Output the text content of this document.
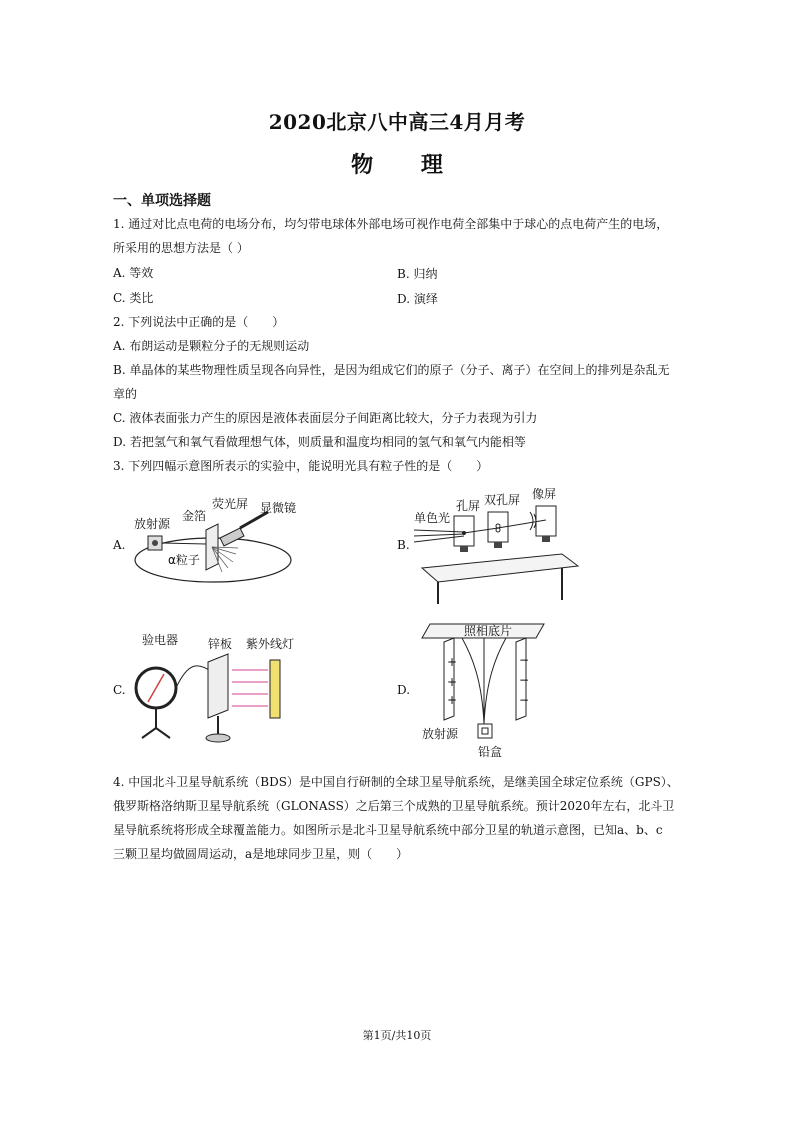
2020北京八中高三4月月考
物 理
一、单项选择题
1. 通过对比点电荷的电场分布，均匀带电球体外部电场可视作电荷全部集中于球心的点电荷产生的电场，
所采用的思想方法是（ ）
A. 等效	B. 归纳
C. 类比	D. 演绎
2. 下列说法中正确的是（　　）
A. 布朗运动是颗粒分子的无规则运动
B. 单晶体的某些物理性质呈现各向异性，是因为组成它们的原子（分子、离子）在空间上的排列是杂乱无
章的
C. 液体表面张力产生的原因是液体表面层分子间距离比较大，分子力表现为引力
D. 若把氢气和氧气看做理想气体，则质量和温度均相同的氢气和氧气内能相等
3. 下列四幅示意图所表示的实验中，能说明光具有粒子性的是（　　）
A.
放射源
金箔
荧光屏 显微镜
α粒子
B.
单色光
孔屏 双孔屏 像屏
C.
验电器 锌板 紫外线灯
D.
+
+
+
−
−
−
照相底片
放射源
铅盒
4. 中国北斗卫星导航系统（BDS）是中国自行研制的全球卫星导航系统，是继美国全球定位系统（GPS）、
俄罗斯格洛纳斯卫星导航系统（GLONASS）之后第三个成熟的卫星导航系统。预计2020年左右，北斗卫
星导航系统将形成全球覆盖能力。如图所示是北斗卫星导航系统中部分卫星的轨道示意图，已知a、b、c
三颗卫星均做圆周运动，a是地球同步卫星，则（　　）
第1页/共10页
